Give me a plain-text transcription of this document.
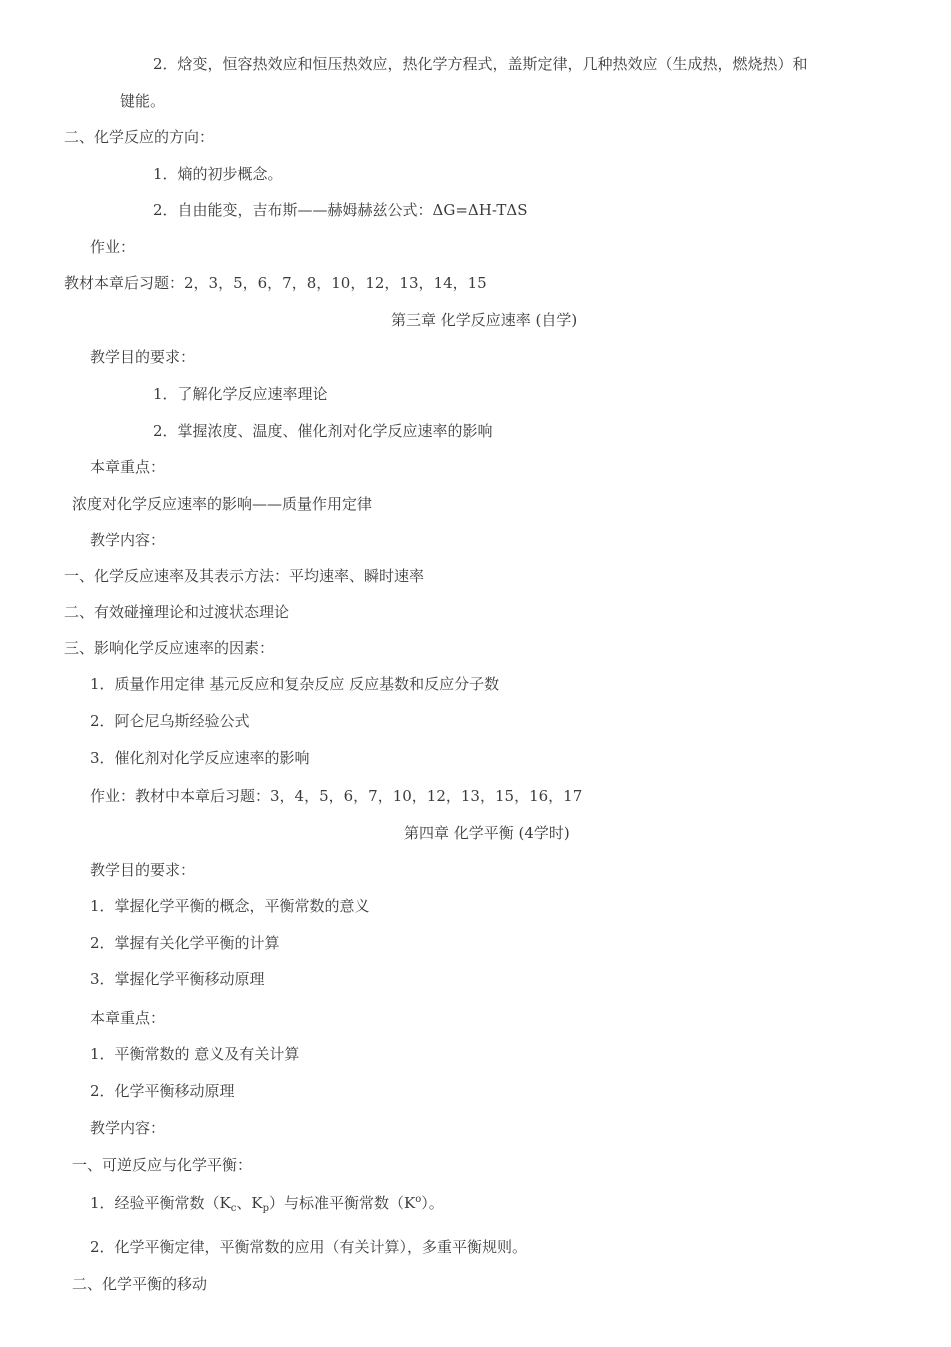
2．焓变，恒容热效应和恒压热效应，热化学方程式，盖斯定律，几种热效应（生成热，燃烧热）和
键能。
二、化学反应的方向：
1．熵的初步概念。
2．自由能变，吉布斯——赫姆赫兹公式：ΔG=ΔH-TΔS
作业：
教材本章后习题：2，3，5，6，7，8，10，12，13，14，15
第三章 化学反应速率 (自学)
教学目的要求：
1．了解化学反应速率理论
2．掌握浓度、温度、催化剂对化学反应速率的影响
本章重点：
浓度对化学反应速率的影响——质量作用定律
教学内容：
一、化学反应速率及其表示方法：平均速率、瞬时速率
二、有效碰撞理论和过渡状态理论
三、影响化学反应速率的因素：
1．质量作用定律 基元反应和复杂反应 反应基数和反应分子数
2．阿仑尼乌斯经验公式
3．催化剂对化学反应速率的影响
作业：教材中本章后习题：3，4，5，6，7，10，12，13，15，16，17
第四章 化学平衡 (4学时)
教学目的要求：
1．掌握化学平衡的概念，平衡常数的意义
2．掌握有关化学平衡的计算
3．掌握化学平衡移动原理
本章重点：
1．平衡常数的 意义及有关计算
2．化学平衡移动原理
教学内容：
一、可逆反应与化学平衡：
1．经验平衡常数（$K_c$、$K_p$）与标准平衡常数$(K^o)$。
2．化学平衡定律，平衡常数的应用（有关计算），多重平衡规则。
二、化学平衡的移动
